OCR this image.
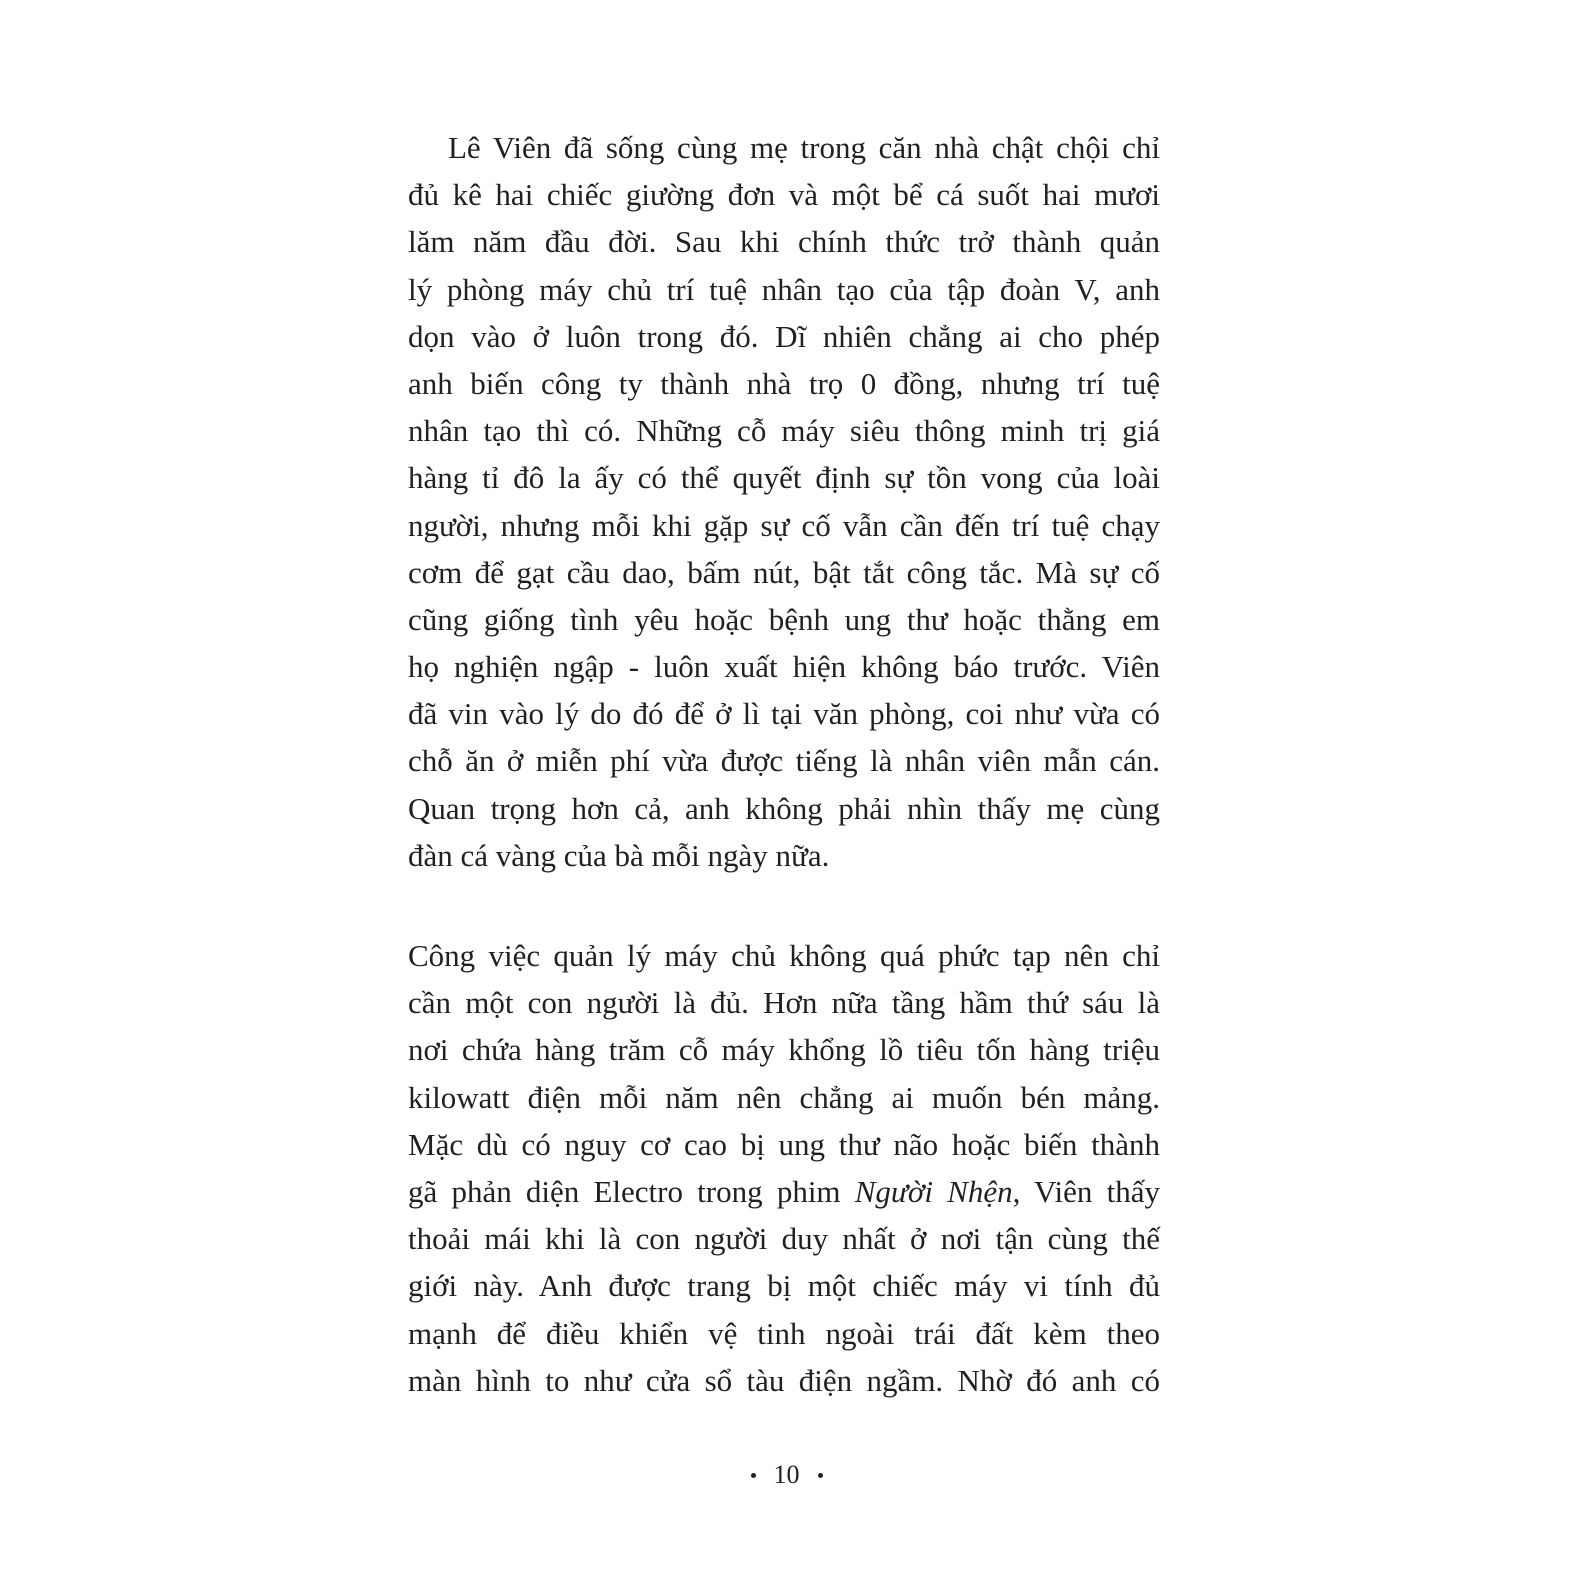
Lê Viên đã sống cùng mẹ trong căn nhà chật chội chỉ
đủ kê hai chiếc giường đơn và một bể cá suốt hai mươi
lăm năm đầu đời. Sau khi chính thức trở thành quản
lý phòng máy chủ trí tuệ nhân tạo của tập đoàn V, anh
dọn vào ở luôn trong đó. Dĩ nhiên chẳng ai cho phép
anh biến công ty thành nhà trọ 0 đồng, nhưng trí tuệ
nhân tạo thì có. Những cỗ máy siêu thông minh trị giá
hàng tỉ đô la ấy có thể quyết định sự tồn vong của loài
người, nhưng mỗi khi gặp sự cố vẫn cần đến trí tuệ chạy
cơm để gạt cầu dao, bấm nút, bật tắt công tắc. Mà sự cố
cũng giống tình yêu hoặc bệnh ung thư hoặc thằng em
họ nghiện ngập - luôn xuất hiện không báo trước. Viên
đã vin vào lý do đó để ở lì tại văn phòng, coi như vừa có
chỗ ăn ở miễn phí vừa được tiếng là nhân viên mẫn cán.
Quan trọng hơn cả, anh không phải nhìn thấy mẹ cùng
đàn cá vàng của bà mỗi ngày nữa.
Công việc quản lý máy chủ không quá phức tạp nên chỉ
cần một con người là đủ. Hơn nữa tầng hầm thứ sáu là
nơi chứa hàng trăm cỗ máy khổng lồ tiêu tốn hàng triệu
kilowatt điện mỗi năm nên chẳng ai muốn bén mảng.
Mặc dù có nguy cơ cao bị ung thư não hoặc biến thành
gã phản diện Electro trong phim Người Nhện, Viên thấy
thoải mái khi là con người duy nhất ở nơi tận cùng thế
giới này. Anh được trang bị một chiếc máy vi tính đủ
mạnh để điều khiển vệ tinh ngoài trái đất kèm theo
màn hình to như cửa sổ tàu điện ngầm. Nhờ đó anh có
10
